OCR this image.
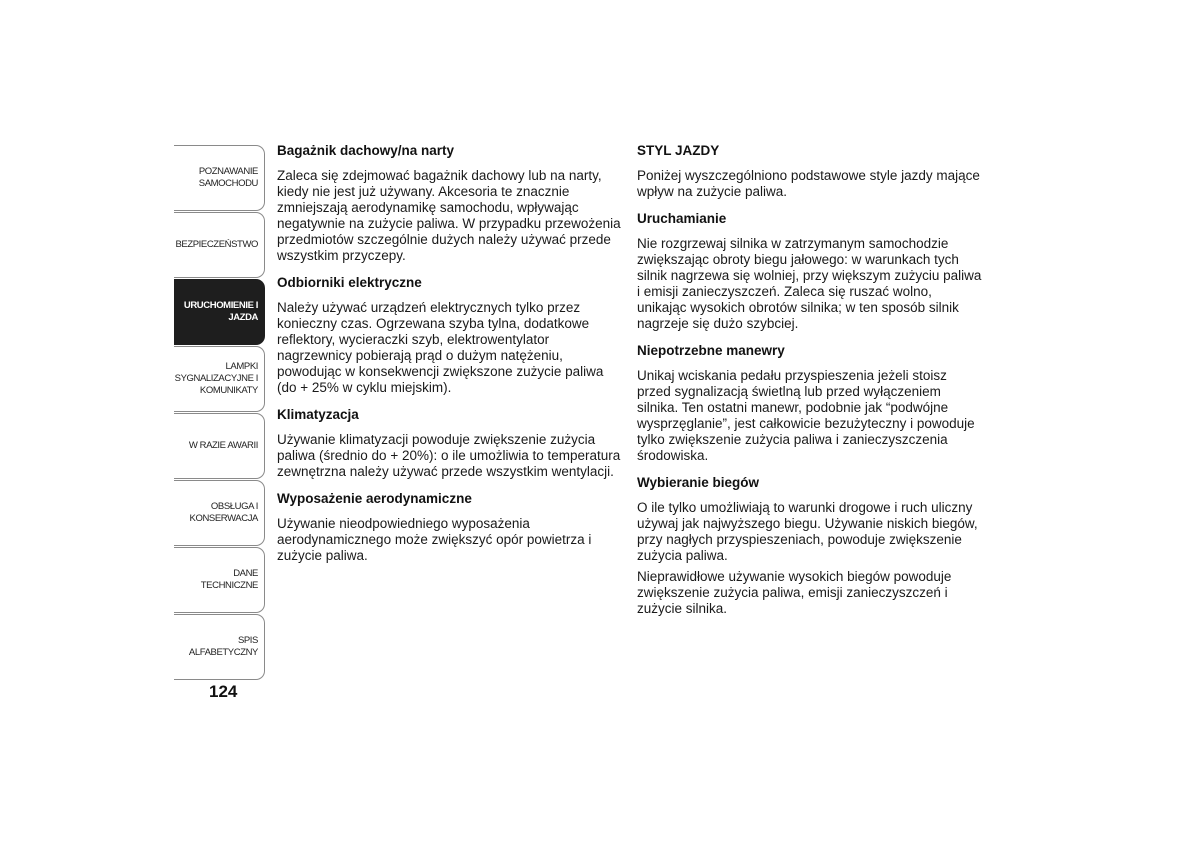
POZNAWANIE
SAMOCHODU
BEZPIECZEŃSTWO
URUCHOMIENIE I
JAZDA
LAMPKI
SYGNALIZACYJNE I
KOMUNIKATY
W RAZIE AWARII
OBSŁUGA I
KONSERWACJA
DANE TECHNICZNE
SPIS ALFABETYCZNY
124
Bagażnik dachowy/na narty

Zaleca się zdejmować bagażnik dachowy lub na narty, kiedy nie jest już używany. Akcesoria te znacznie zmniejszają aerodynamikę samochodu, wpływając negatywnie na zużycie paliwa. W przypadku przewożenia przedmiotów szczególnie dużych należy używać przede wszystkim przyczepy.

Odbiorniki elektryczne

Należy używać urządzeń elektrycznych tylko przez konieczny czas. Ogrzewana szyba tylna, dodatkowe reflektory, wycieraczki szyb, elektrowentylator nagrzewnicy pobierają prąd o dużym natężeniu, powodując w konsekwencji zwiększone zużycie paliwa (do + 25% w cyklu miejskim).

Klimatyzacja

Używanie klimatyzacji powoduje zwiększenie zużycia paliwa (średnio do + 20%): o ile umożliwia to temperatura zewnętrzna należy używać przede wszystkim wentylacji.

Wyposażenie aerodynamiczne

Używanie nieodpowiedniego wyposażenia aerodynamicznego może zwiększyć opór powietrza i zużycie paliwa.

STYL JAZDY

Poniżej wyszczególniono podstawowe style jazdy mające wpływ na zużycie paliwa.

Uruchamianie

Nie rozgrzewaj silnika w zatrzymanym samochodzie zwiększając obroty biegu jałowego: w warunkach tych silnik nagrzewa się wolniej, przy większym zużyciu paliwa i emisji zanieczyszczeń. Zaleca się ruszać wolno, unikając wysokich obrotów silnika; w ten sposób silnik nagrzeje się dużo szybciej.

Niepotrzebne manewry

Unikaj wciskania pedału przyspieszenia jeżeli stoisz przed sygnalizacją świetlną lub przed wyłączeniem silnika. Ten ostatni manewr, podobnie jak “podwójne wysprzęglanie”, jest całkowicie bezużyteczny i powoduje tylko zwiększenie zużycia paliwa i zanieczyszczenia środowiska.

Wybieranie biegów

O ile tylko umożliwiają to warunki drogowe i ruch uliczny używaj jak najwyższego biegu. Używanie niskich biegów, przy nagłych przyspieszeniach, powoduje zwiększenie zużycia paliwa.

Nieprawidłowe używanie wysokich biegów powoduje zwiększenie zużycia paliwa, emisji zanieczyszczeń i zużycie silnika.
